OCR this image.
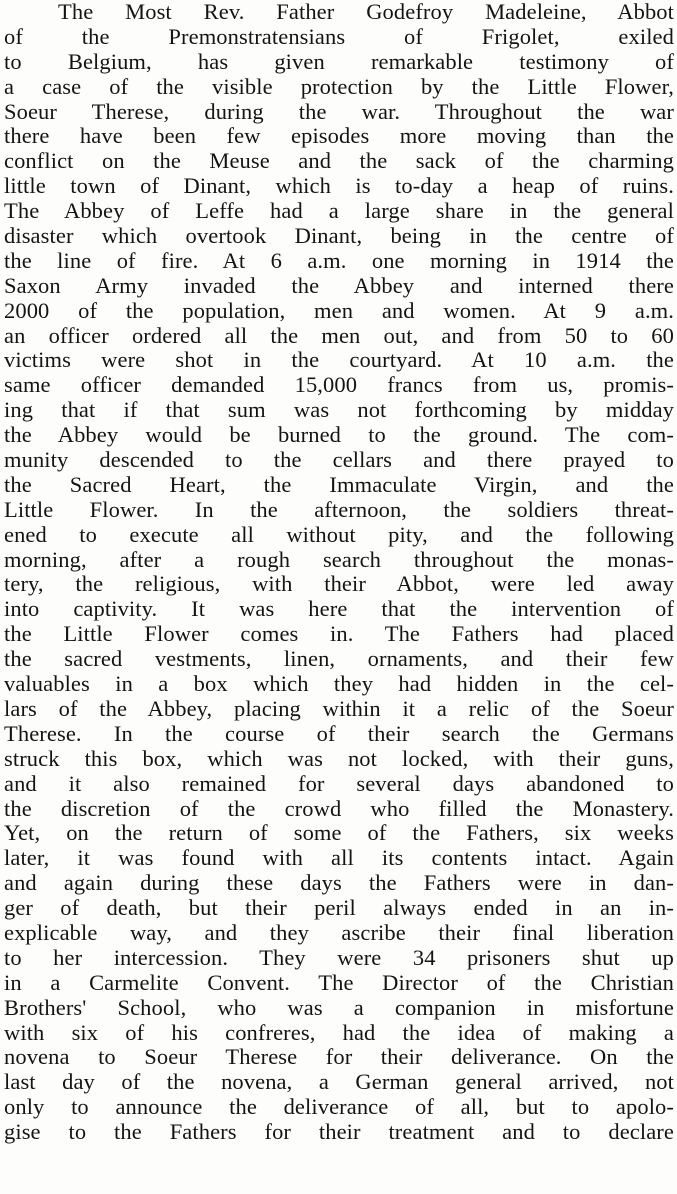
The Most Rev. Father Godefroy Madeleine, Abbot
of the Premonstratensians of Frigolet, exiled
to Belgium, has given remarkable testimony of
a case of the visible protection by the Little Flower,
Soeur Therese, during the war. Throughout the war
there have been few episodes more moving than the
conflict on the Meuse and the sack of the charming
little town of Dinant, which is to-day a heap of ruins.
The Abbey of Leffe had a large share in the general
disaster which overtook Dinant, being in the centre of
the line of fire. At 6 a.m. one morning in 1914 the
Saxon Army invaded the Abbey and interned there
2000 of the population, men and women. At 9 a.m.
an officer ordered all the men out, and from 50 to 60
victims were shot in the courtyard. At 10 a.m. the
same officer demanded 15,000 francs from us, promis-
ing that if that sum was not forthcoming by midday
the Abbey would be burned to the ground. The com-
munity descended to the cellars and there prayed to
the Sacred Heart, the Immaculate Virgin, and the
Little Flower. In the afternoon, the soldiers threat-
ened to execute all without pity, and the following
morning, after a rough search throughout the monas-
tery, the religious, with their Abbot, were led away
into captivity. It was here that the intervention of
the Little Flower comes in. The Fathers had placed
the sacred vestments, linen, ornaments, and their few
valuables in a box which they had hidden in the cel-
lars of the Abbey, placing within it a relic of the Soeur
Therese. In the course of their search the Germans
struck this box, which was not locked, with their guns,
and it also remained for several days abandoned to
the discretion of the crowd who filled the Monastery.
Yet, on the return of some of the Fathers, six weeks
later, it was found with all its contents intact. Again
and again during these days the Fathers were in dan-
ger of death, but their peril always ended in an in-
explicable way, and they ascribe their final liberation
to her intercession. They were 34 prisoners shut up
in a Carmelite Convent. The Director of the Christian
Brothers' School, who was a companion in misfortune
with six of his confreres, had the idea of making a
novena to Soeur Therese for their deliverance. On the
last day of the novena, a German general arrived, not
only to announce the deliverance of all, but to apolo-
gise to the Fathers for their treatment and to declare
